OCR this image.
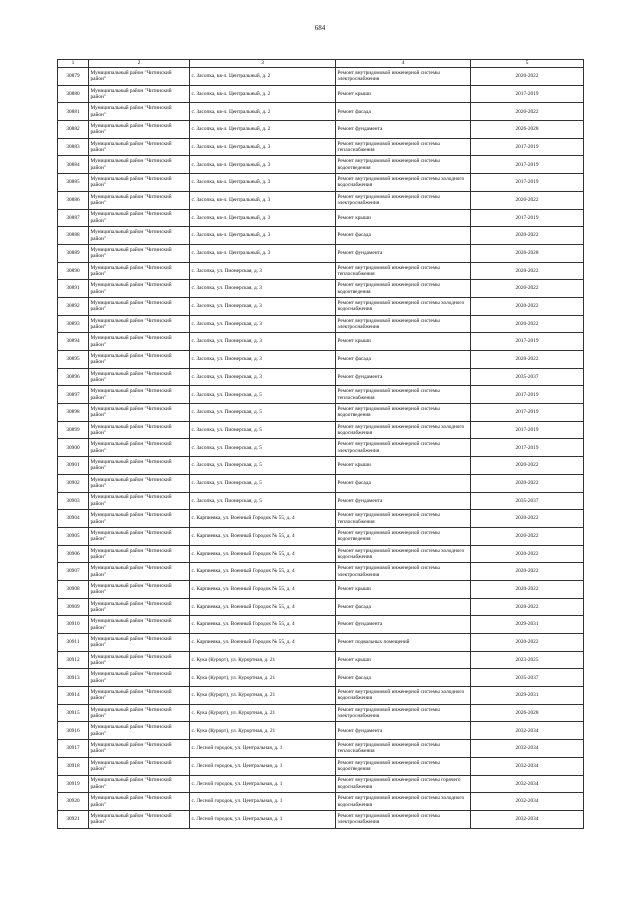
684
1	2	3	4	5
30879	Муниципальный район "Читинский район"	с. Засопка, кв-л. Центральный, д. 2	Ремонт внутридомовой инженерной системы электроснабжения	2020-2022
30880	Муниципальный район "Читинский район"	с. Засопка, кв-л. Центральный, д. 2	Ремонт крыши	2017-2019
30881	Муниципальный район "Читинский район"	с. Засопка, кв-л. Центральный, д. 2	Ремонт фасада	2020-2022
30882	Муниципальный район "Читинский район"	с. Засопка, кв-л. Центральный, д. 2	Ремонт фундамента	2026-2028
30883	Муниципальный район "Читинский район"	с. Засопка, кв-л. Центральный, д. 3	Ремонт внутридомовой инженерной системы теплоснабжения	2017-2019
30884	Муниципальный район "Читинский район"	с. Засопка, кв-л. Центральный, д. 3	Ремонт внутридомовой инженерной системы водоотведения	2017-2019
30885	Муниципальный район "Читинский район"	с. Засопка, кв-л. Центральный, д. 3	Ремонт внутридомовой инженерной системы холодного водоснабжения	2017-2019
30886	Муниципальный район "Читинский район"	с. Засопка, кв-л. Центральный, д. 3	Ремонт внутридомовой инженерной системы электроснабжения	2020-2022
30887	Муниципальный район "Читинский район"	с. Засопка, кв-л. Центральный, д. 3	Ремонт крыши	2017-2019
30888	Муниципальный район "Читинский район"	с. Засопка, кв-л. Центральный, д. 3	Ремонт фасада	2020-2022
30889	Муниципальный район "Читинский район"	с. Засопка, кв-л. Центральный, д. 3	Ремонт фундамента	2026-2028
30890	Муниципальный район "Читинский район"	с. Засопка, ул. Пионерская, д. 3	Ремонт внутридомовой инженерной системы теплоснабжения	2020-2022
30891	Муниципальный район "Читинский район"	с. Засопка, ул. Пионерская, д. 3	Ремонт внутридомовой инженерной системы водоотведения	2020-2022
30892	Муниципальный район "Читинский район"	с. Засопка, ул. Пионерская, д. 3	Ремонт внутридомовой инженерной системы холодного водоснабжения	2020-2022
30893	Муниципальный район "Читинский район"	с. Засопка, ул. Пионерская, д. 3	Ремонт внутридомовой инженерной системы электроснабжения	2020-2022
30894	Муниципальный район "Читинский район"	с. Засопка, ул. Пионерская, д. 3	Ремонт крыши	2017-2019
30895	Муниципальный район "Читинский район"	с. Засопка, ул. Пионерская, д. 3	Ремонт фасада	2020-2022
30896	Муниципальный район "Читинский район"	с. Засопка, ул. Пионерская, д. 3	Ремонт фундамента	2035-2037
30897	Муниципальный район "Читинский район"	с. Засопка, ул. Пионерская, д. 5	Ремонт внутридомовой инженерной системы теплоснабжения	2017-2019
30898	Муниципальный район "Читинский район"	с. Засопка, ул. Пионерская, д. 5	Ремонт внутридомовой инженерной системы водоотведения	2017-2019
30899	Муниципальный район "Читинский район"	с. Засопка, ул. Пионерская, д. 5	Ремонт внутридомовой инженерной системы холодного водоснабжения	2017-2019
30900	Муниципальный район "Читинский район"	с. Засопка, ул. Пионерская, д. 5	Ремонт внутридомовой инженерной системы электроснабжения	2017-2019
30901	Муниципальный район "Читинский район"	с. Засопка, ул. Пионерская, д. 5	Ремонт крыши	2020-2022
30902	Муниципальный район "Читинский район"	с. Засопка, ул. Пионерская, д. 5	Ремонт фасада	2020-2022
30903	Муниципальный район "Читинский район"	с. Засопка, ул. Пионерская, д. 5	Ремонт фундамента	2035-2037
30904	Муниципальный район "Читинский район"	с. Карпиевка, ул. Военный Городок № 55, д. 4	Ремонт внутридомовой инженерной системы теплоснабжения	2020-2022
30905	Муниципальный район "Читинский район"	с. Карпиевка, ул. Военный Городок № 55, д. 4	Ремонт внутридомовой инженерной системы водоотведения	2020-2022
30906	Муниципальный район "Читинский район"	с. Карпиевка, ул. Военный Городок № 55, д. 4	Ремонт внутридомовой инженерной системы холодного водоснабжения	2020-2022
30907	Муниципальный район "Читинский район"	с. Карпиевка, ул. Военный Городок № 55, д. 4	Ремонт внутридомовой инженерной системы электроснабжения	2020-2022
30908	Муниципальный район "Читинский район"	с. Карпиевка, ул. Военный Городок № 55, д. 4	Ремонт крыши	2020-2022
30909	Муниципальный район "Читинский район"	с. Карпиевка, ул. Военный Городок № 55, д. 4	Ремонт фасада	2020-2022
30910	Муниципальный район "Читинский район"	с. Карпиевка, ул. Военный Городок № 55, д. 4	Ремонт фундамента	2029-2031
30911	Муниципальный район "Читинский район"	с. Карпиевка, ул. Военный Городок № 55, д. 4	Ремонт подвальных помещений	2020-2022
30912	Муниципальный район "Читинский район"	с. Кука (Курорт), ул. Курортная, д. 21	Ремонт крыши	2023-2025
30913	Муниципальный район "Читинский район"	с. Кука (Курорт), ул. Курортная, д. 21	Ремонт фасада	2035-2037
30914	Муниципальный район "Читинский район"	с. Кука (Курорт), ул. Курортная, д. 21	Ремонт внутридомовой инженерной системы холодного водоснабжения	2029-2031
30915	Муниципальный район "Читинский район"	с. Кука (Курорт), ул. Курортная, д. 21	Ремонт внутридомовой инженерной системы электроснабжения	2026-2028
30916	Муниципальный район "Читинский район"	с. Кука (Курорт), ул. Курортная, д. 21	Ремонт фундамента	2032-2034
30917	Муниципальный район "Читинский район"	с. Лесной городок, ул. Центральная, д. 1	Ремонт внутридомовой инженерной системы теплоснабжения	2032-2034
30918	Муниципальный район "Читинский район"	с. Лесной городок, ул. Центральная, д. 1	Ремонт внутридомовой инженерной системы водоотведения	2032-2034
30919	Муниципальный район "Читинский район"	с. Лесной городок, ул. Центральная, д. 1	Ремонт внутридомовой инженерной системы горячего водоснабжения	2032-2034
30920	Муниципальный район "Читинский район"	с. Лесной городок, ул. Центральная, д. 1	Ремонт внутридомовой инженерной системы холодного водоснабжения	2032-2034
30921	Муниципальный район "Читинский район"	с. Лесной городок, ул. Центральная, д. 1	Ремонт внутридомовой инженерной системы электроснабжения	2032-2034
